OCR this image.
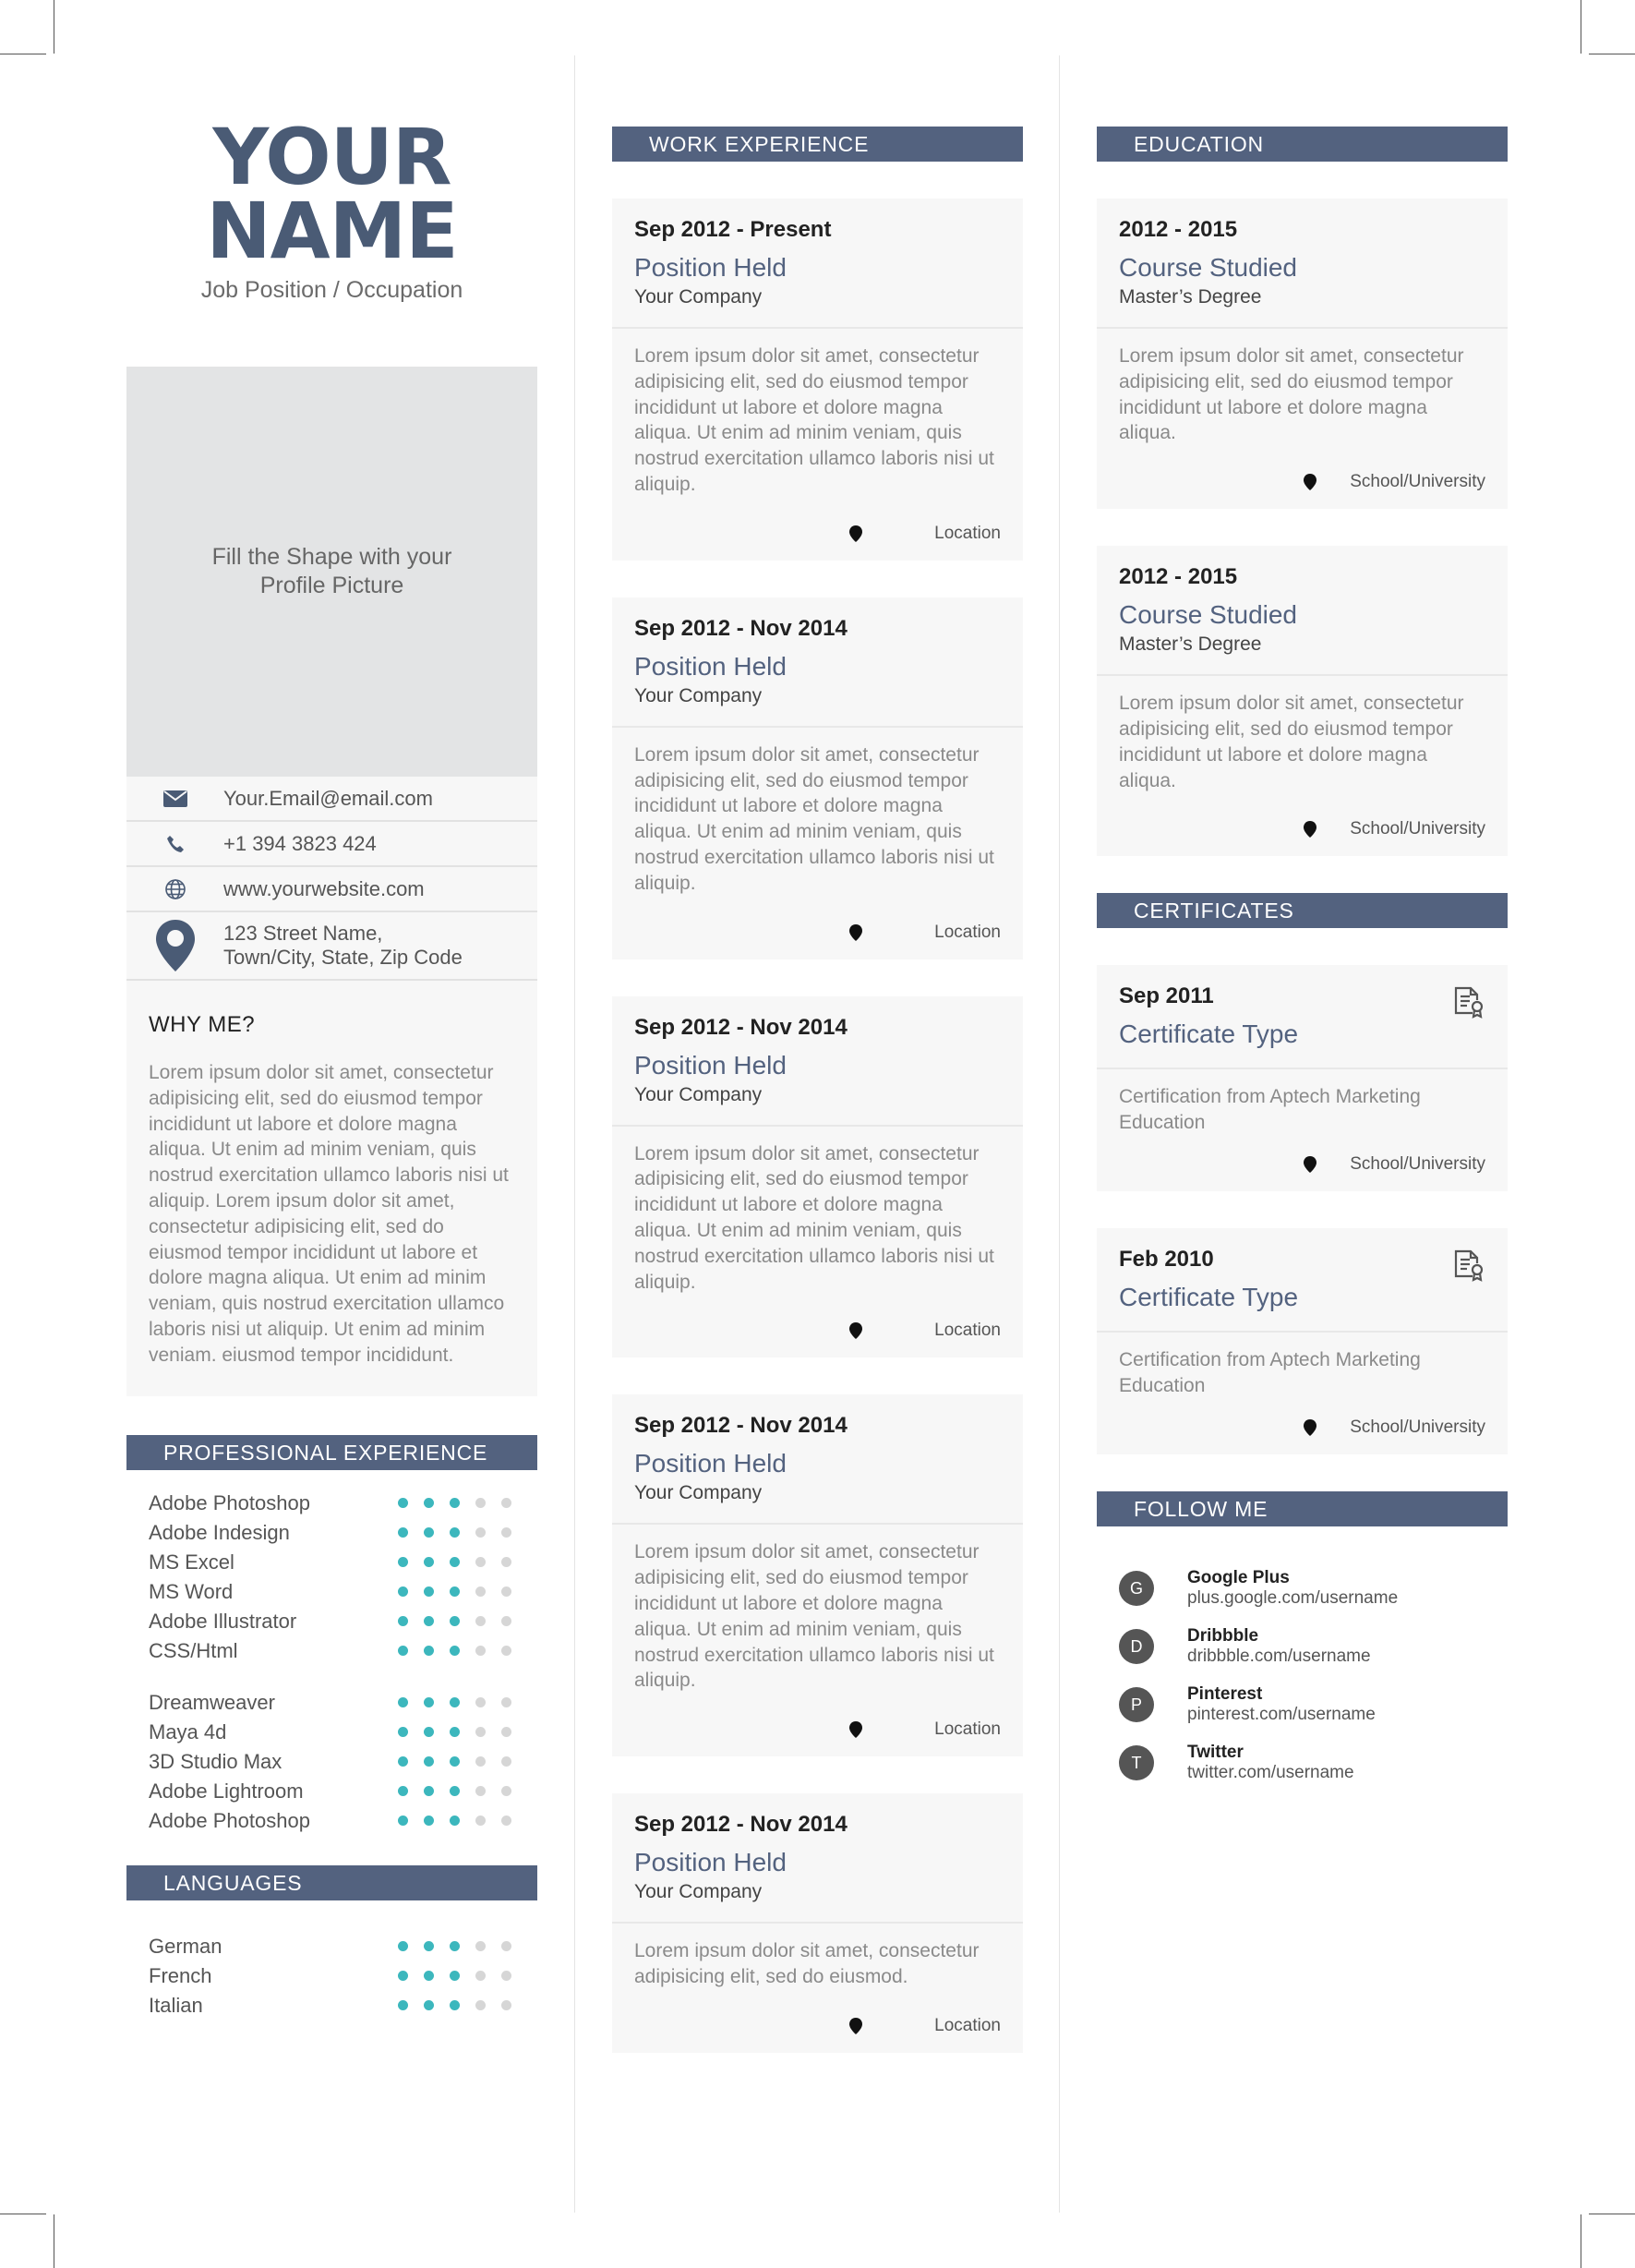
YOUR
NAME
Job Position / Occupation
Fill the Shape with your
Profile Picture
Your.Email@email.com
+1 394 3823 424
www.yourwebsite.com
123 Street Name,
Town/City, State, Zip Code
WHY ME?

Lorem ipsum dolor sit amet, consectetur adipisicing elit, sed do eiusmod tempor incididunt ut labore et dolore magna aliqua. Ut enim ad minim veniam, quis nostrud exercitation ullamco laboris nisi ut aliquip. Lorem ipsum dolor sit amet, consectetur adipisicing elit, sed do eiusmod tempor incididunt ut labore et dolore magna aliqua. Ut enim ad minim veniam, quis nostrud exercitation ullamco laboris nisi ut aliquip. Ut enim ad minim veniam. eiusmod tempor incididunt.

PROFESSIONAL EXPERIENCE
Adobe Photoshop
Adobe Indesign
MS Excel
MS Word
Adobe Illustrator
CSS/Html
Dreamweaver
Maya 4d
3D Studio Max
Adobe Lightroom
Adobe Photoshop
LANGUAGES
German
French
Italian
WORK EXPERIENCE
Sep 2012 - Present
Position Held
Your Company
Lorem ipsum dolor sit amet, consectetur adipisicing elit, sed do eiusmod tempor incididunt ut labore et dolore magna aliqua. Ut enim ad minim veniam, quis nostrud exercitation ullamco laboris nisi ut aliquip.
Location
Sep 2012 - Nov 2014
Position Held
Your Company
Lorem ipsum dolor sit amet, consectetur adipisicing elit, sed do eiusmod tempor incididunt ut labore et dolore magna aliqua. Ut enim ad minim veniam, quis nostrud exercitation ullamco laboris nisi ut aliquip.
Location
Sep 2012 - Nov 2014
Position Held
Your Company
Lorem ipsum dolor sit amet, consectetur adipisicing elit, sed do eiusmod tempor incididunt ut labore et dolore magna aliqua. Ut enim ad minim veniam, quis nostrud exercitation ullamco laboris nisi ut aliquip.
Location
Sep 2012 - Nov 2014
Position Held
Your Company
Lorem ipsum dolor sit amet, consectetur adipisicing elit, sed do eiusmod tempor incididunt ut labore et dolore magna aliqua. Ut enim ad minim veniam, quis nostrud exercitation ullamco laboris nisi ut aliquip.
Location
Sep 2012 - Nov 2014
Position Held
Your Company
Lorem ipsum dolor sit amet, consectetur adipisicing elit, sed do eiusmod.
Location
EDUCATION
2012 - 2015
Course Studied
Master’s Degree
Lorem ipsum dolor sit amet, consectetur adipisicing elit, sed do eiusmod tempor incididunt ut labore et dolore magna aliqua.
School/University
2012 - 2015
Course Studied
Master’s Degree
Lorem ipsum dolor sit amet, consectetur adipisicing elit, sed do eiusmod tempor incididunt ut labore et dolore magna aliqua.
School/University
CERTIFICATES
Sep 2011
Certificate Type
Certification from Aptech Marketing Education
School/University
Feb 2010
Certificate Type
Certification from Aptech Marketing Education
School/University
FOLLOW ME
G
Google Plus
plus.google.com/username
D
Dribbble
dribbble.com/username
P
Pinterest
pinterest.com/username
T
Twitter
twitter.com/username
